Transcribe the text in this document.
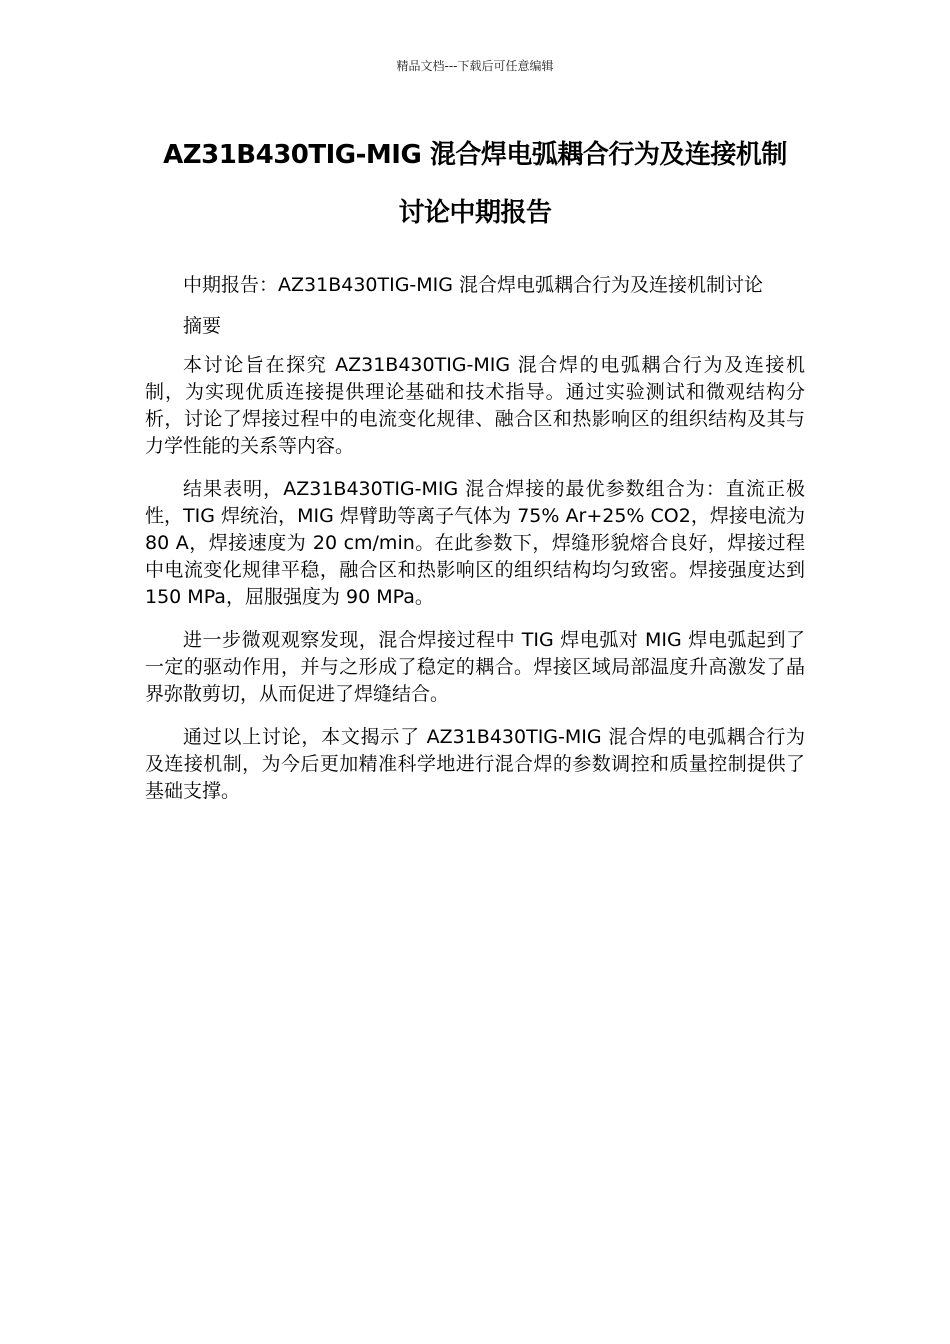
精品文档---下载后可任意编辑
AZ31B430TIG-MIG 混合焊电弧耦合行为及连接机制
讨论中期报告

中期报告：AZ31B430TIG-MIG 混合焊电弧耦合行为及连接机制讨论

摘要

本讨论旨在探究 AZ31B430TIG-MIG 混合焊的电弧耦合行为及连接机制，为实现优质连接提供理论基础和技术指导。通过实验测试和微观结构分析，讨论了焊接过程中的电流变化规律、融合区和热影响区的组织结构及其与力学性能的关系等内容。

结果表明，AZ31B430TIG-MIG 混合焊接的最优参数组合为：直流正极性，TIG 焊统治，MIG 焊臂助等离子气体为 75% Ar+25% CO2，焊接电流为 80 A，焊接速度为 20 cm/min。在此参数下，焊缝形貌熔合良好，焊接过程中电流变化规律平稳，融合区和热影响区的组织结构均匀致密。焊接强度达到 150 MPa，屈服强度为 90 MPa。

进一步微观观察发现，混合焊接过程中 TIG 焊电弧对 MIG 焊电弧起到了一定的驱动作用，并与之形成了稳定的耦合。焊接区域局部温度升高激发了晶界弥散剪切，从而促进了焊缝结合。

通过以上讨论，本文揭示了 AZ31B430TIG-MIG 混合焊的电弧耦合行为及连接机制，为今后更加精准科学地进行混合焊的参数调控和质量控制提供了基础支撑。
